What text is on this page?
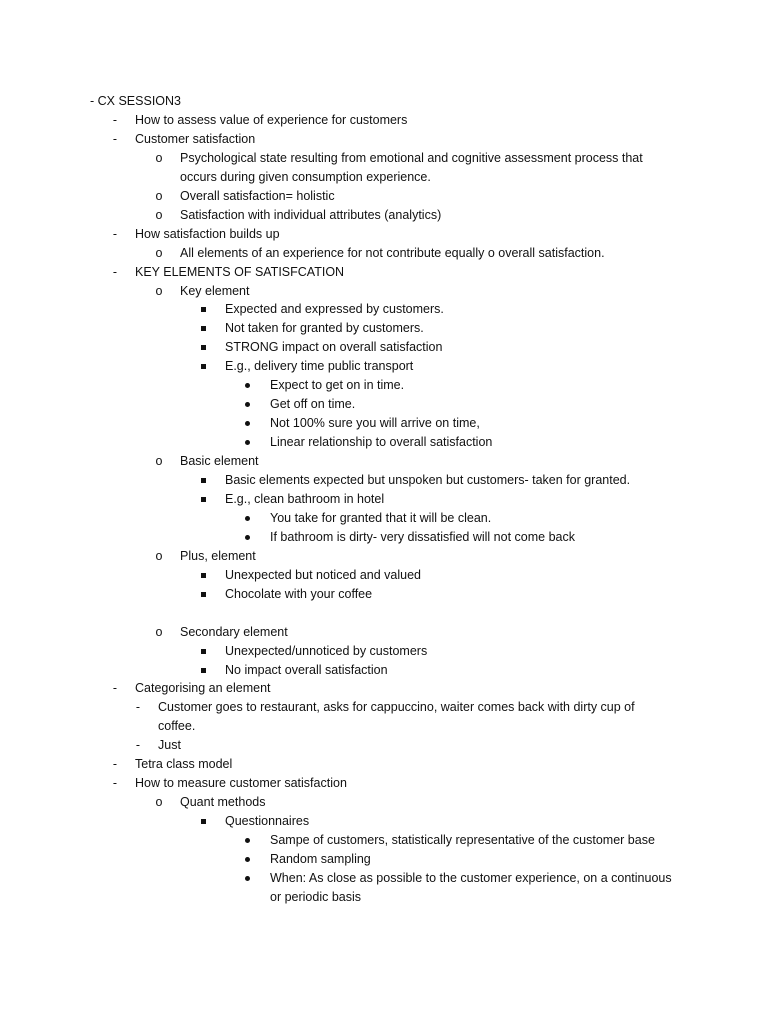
- CX SESSION3
-	How to assess value of experience for customers
-	Customer satisfaction
o Psychological state resulting from emotional and cognitive assessment process that
occurs during given consumption experience.
o Overall satisfaction= holistic
o Satisfaction with individual attributes (analytics)
-	How satisfaction builds up
o All elements of an experience for not contribute equally o overall satisfaction.
-	KEY ELEMENTS OF SATISFCATION
o Key element
Expected and expressed by customers.
Not taken for granted by customers.
STRONG impact on overall satisfaction
E.g., delivery time public transport
Expect to get on in time.
Get off on time.
Not 100% sure you will arrive on time,
Linear relationship to overall satisfaction
o Basic element
Basic elements expected but unspoken but customers- taken for granted.
E.g., clean bathroom in hotel
You take for granted that it will be clean.
If bathroom is dirty- very dissatisfied will not come back
o Plus, element
Unexpected but noticed and valued
Chocolate with your coffee
o Secondary element
Unexpected/unnoticed by customers
No impact overall satisfaction
-	Categorising an element
-	Customer goes to restaurant, asks for cappuccino, waiter comes back with dirty cup of
coffee.
-	Just
-	Tetra class model
-	How to measure customer satisfaction
o Quant methods
Questionnaires
Sampe of customers, statistically representative of the customer base
Random sampling
When: As close as possible to the customer experience, on a continuous
or periodic basis
